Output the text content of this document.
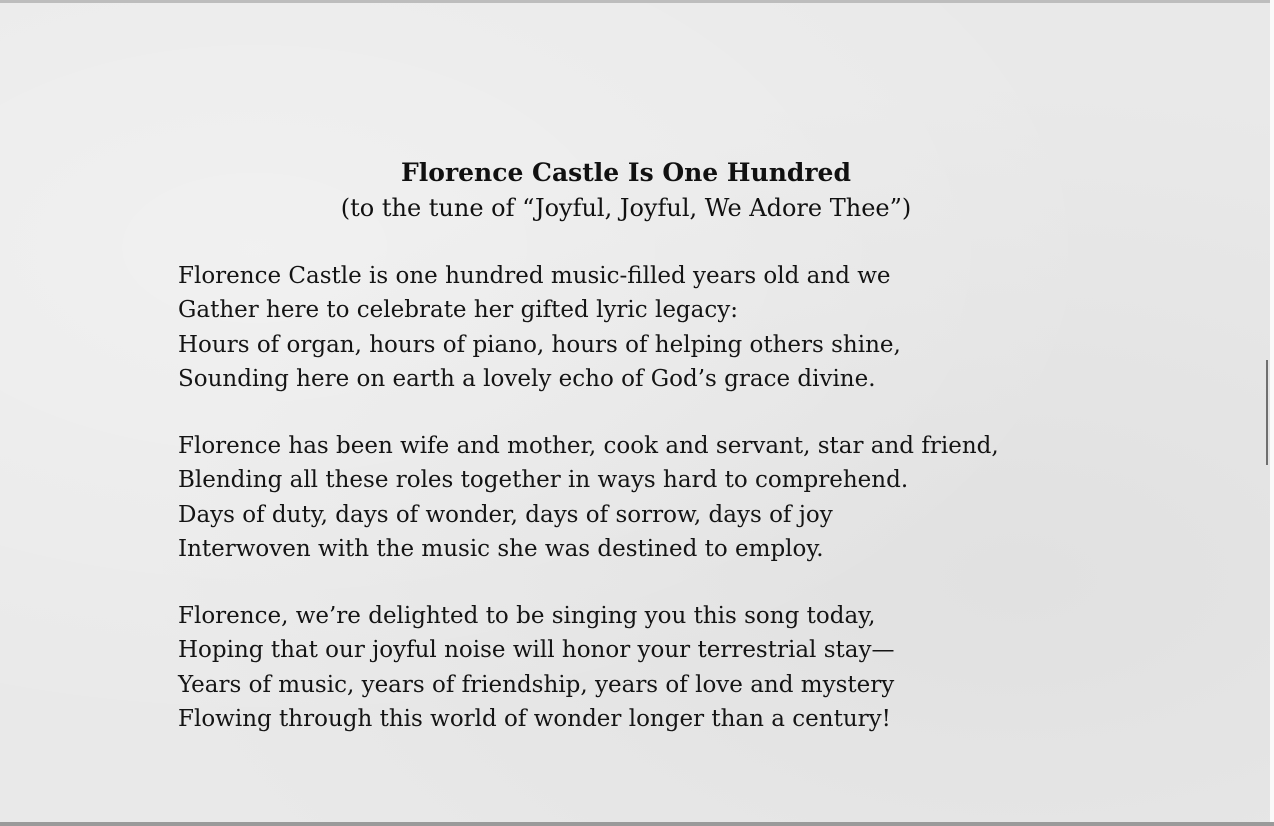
Florence Castle Is One Hundred
(to the tune of “Joyful, Joyful, We Adore Thee”)
Florence Castle is one hundred music-filled years old and we
Gather here to celebrate her gifted lyric legacy:
Hours of organ, hours of piano, hours of helping others shine,
Sounding here on earth a lovely echo of God’s grace divine.
Florence has been wife and mother, cook and servant, star and friend,
Blending all these roles together in ways hard to comprehend.
Days of duty, days of wonder, days of sorrow, days of joy
Interwoven with the music she was destined to employ.
Florence, we’re delighted to be singing you this song today,
Hoping that our joyful noise will honor your terrestrial stay—
Years of music, years of friendship, years of love and mystery
Flowing through this world of wonder longer than a century!
